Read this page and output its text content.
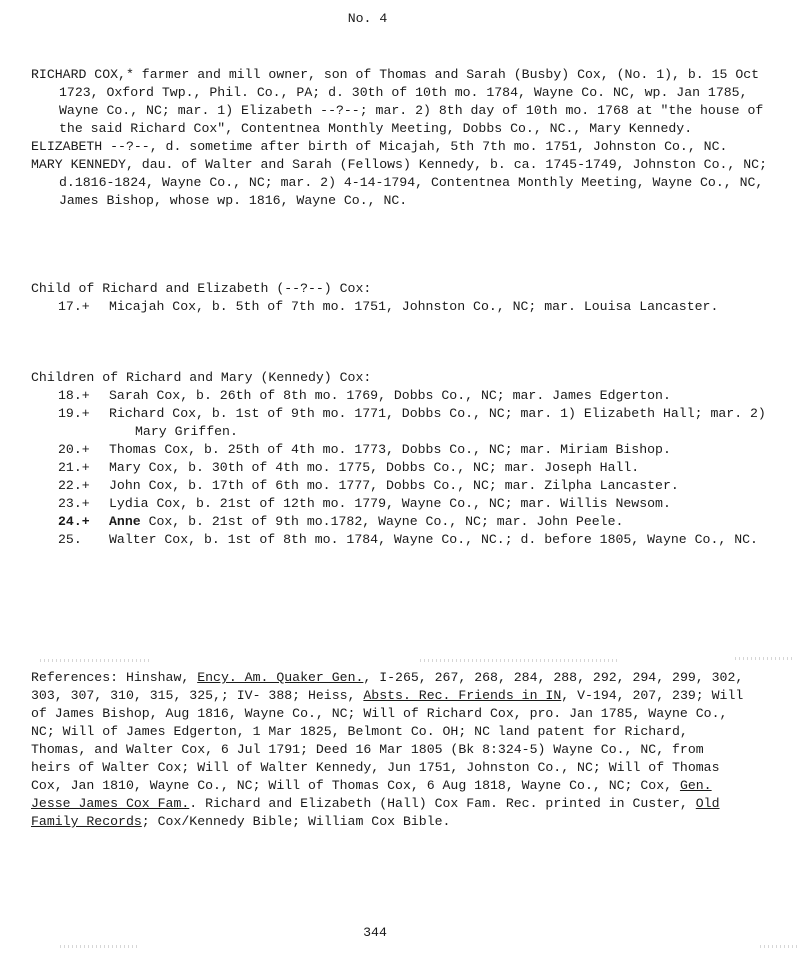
No. 4

RICHARD COX,* farmer and mill owner, son of Thomas and Sarah (Busby) Cox, (No. 1), b. 15 Oct 1723, Oxford Twp., Phil. Co., PA; d. 30th of 10th mo. 1784, Wayne Co. NC, wp. Jan 1785, Wayne Co., NC; mar. 1) Elizabeth --?--; mar. 2) 8th day of 10th mo. 1768 at "the house of the said Richard Cox", Contentnea Monthly Meeting, Dobbs Co., NC., Mary Kennedy.

ELIZABETH --?--, d. sometime after birth of Micajah, 5th 7th mo. 1751, Johnston Co., NC.

MARY KENNEDY, dau. of Walter and Sarah (Fellows) Kennedy, b. ca. 1745-1749, Johnston Co., NC; d.1816-1824, Wayne Co., NC; mar. 2) 4-14-1794, Contentnea Monthly Meeting, Wayne Co., NC, James Bishop, whose wp. 1816, Wayne Co., NC.

Child of Richard and Elizabeth (--?--) Cox:

17.+	Micajah Cox, b. 5th of 7th mo. 1751, Johnston Co., NC; mar. Louisa Lancaster.

Children of Richard and Mary (Kennedy) Cox:

18.+	Sarah Cox, b. 26th of 8th mo. 1769, Dobbs Co., NC; mar. James Edgerton.
19.+	Richard Cox, b. 1st of 9th mo. 1771, Dobbs Co., NC; mar. 1) Elizabeth Hall; mar. 2) Mary Griffen.
20.+	Thomas Cox, b. 25th of 4th mo. 1773, Dobbs Co., NC; mar. Miriam Bishop.
21.+	Mary Cox, b. 30th of 4th mo. 1775, Dobbs Co., NC; mar. Joseph Hall.
22.+	John Cox, b. 17th of 6th mo. 1777, Dobbs Co., NC; mar. Zilpha Lancaster.
23.+	Lydia Cox, b. 21st of 12th mo. 1779, Wayne Co., NC; mar. Willis Newsom.
24.+	Anne Cox, b. 21st of 9th mo.1782, Wayne Co., NC; mar. John Peele.
25.	Walter Cox, b. 1st of 8th mo. 1784, Wayne Co., NC.; d. before 1805, Wayne Co., NC.

References: Hinshaw, Ency. Am. Quaker Gen., I-265, 267, 268, 284, 288, 292, 294, 299, 302, 303, 307, 310, 315, 325,; IV- 388; Heiss, Absts. Rec. Friends in IN, V-194, 207, 239; Will of James Bishop, Aug 1816, Wayne Co., NC; Will of Richard Cox, pro. Jan 1785, Wayne Co., NC; Will of James Edgerton, 1 Mar 1825, Belmont Co. OH; NC land patent for Richard, Thomas, and Walter Cox, 6 Jul 1791; Deed 16 Mar 1805 (Bk 8:324-5) Wayne Co., NC, from heirs of Walter Cox; Will of Walter Kennedy, Jun 1751, Johnston Co., NC; Will of Thomas Cox, Jan 1810, Wayne Co., NC; Will of Thomas Cox, 6 Aug 1818, Wayne Co., NC; Cox, Gen. Jesse James Cox Fam.. Richard and Elizabeth (Hall) Cox Fam. Rec. printed in Custer, Old Family Records; Cox/Kennedy Bible; William Cox Bible.

344
